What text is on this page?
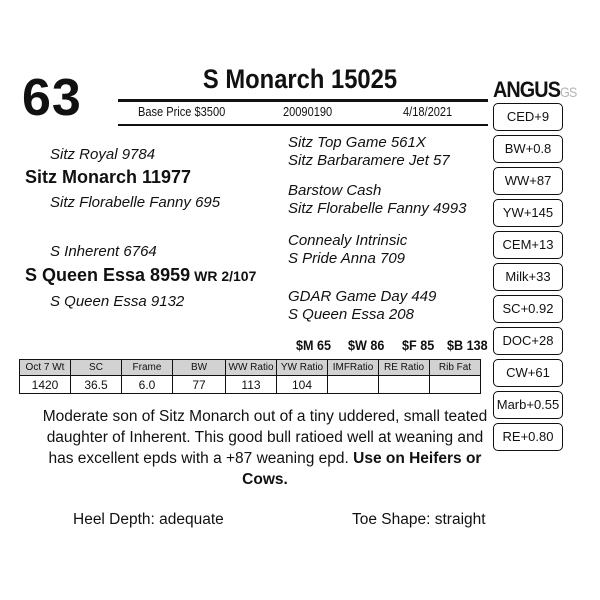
63	S Monarch 15025
Base Price $3500	20090190	4/18/2021
ANGUSGS
Sitz Royal 9784
Sitz Monarch 11977
Sitz Florabelle Fanny 695
Sitz Top Game 561X
Sitz Barbaramere Jet 57
Barstow Cash
Sitz Florabelle Fanny 4993
S Inherent 6764
S Queen Essa 8959 WR 2/107
S Queen Essa 9132
Connealy Intrinsic
S Pride Anna 709
GDAR Game Day 449
S Queen Essa 208
CED+9
BW+0.8
WW+87
YW+145
CEM+13
Milk+33
SC+0.92
DOC+28
CW+61
Marb+0.55
RE+0.80
$M 65 $W 86 $F 85 $B 138
Oct 7 Wt	SC	Frame	BW	WW Ratio	YW Ratio	IMFRatio	RE Ratio	Rib Fat
1420	36.5	6.0	77	113	104			
Moderate son of Sitz Monarch out of a tiny uddered, small teated daughter of Inherent. This good bull ratioed well at weaning and has excellent epds with a +87 weaning epd. Use on Heifers or Cows.
Heel Depth: adequate	Toe Shape: straight
